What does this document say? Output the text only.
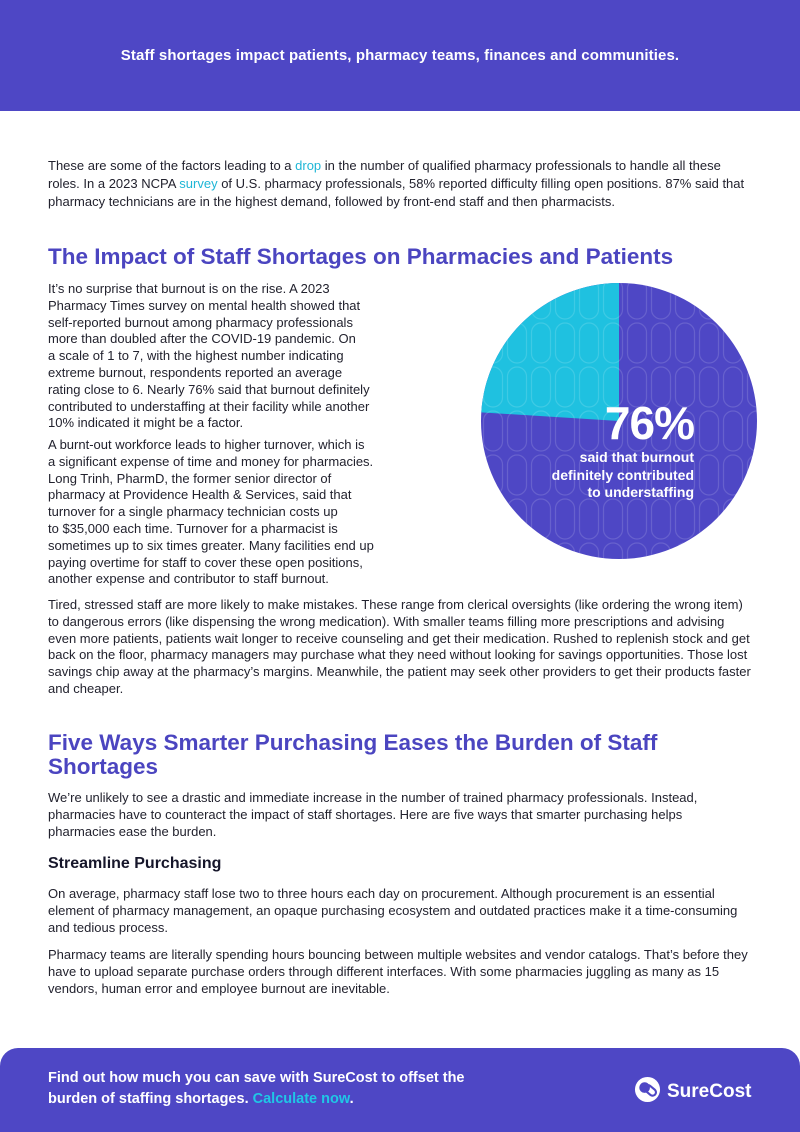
Staff shortages impact patients, pharmacy teams, finances and communities.

These are some of the factors leading to a drop in the number of qualified pharmacy professionals to handle all these roles. In a 2023 NCPA survey of U.S. pharmacy professionals, 58% reported difficulty filling open positions. 87% said that pharmacy technicians are in the highest demand, followed by front-end staff and then pharmacists.

The Impact of Staff Shortages on Pharmacies and Patients
It’s no surprise that burnout is on the rise. A 2023
Pharmacy Times survey on mental health showed that
self-reported burnout among pharmacy professionals
more than doubled after the COVID-19 pandemic. On
a scale of 1 to 7, with the highest number indicating
extreme burnout, respondents reported an average
rating close to 6. Nearly 76% said that burnout definitely
contributed to understaffing at their facility while another
10% indicated it might be a factor.
A burnt-out workforce leads to higher turnover, which is
a significant expense of time and money for pharmacies.
Long Trinh, PharmD, the former senior director of
pharmacy at Providence Health & Services, said that
turnover for a single pharmacy technician costs up
to $35,000 each time. Turnover for a pharmacist is
sometimes up to six times greater. Many facilities end up
paying overtime for staff to cover these open positions,
another expense and contributor to staff burnout.
76%
said that burnout
definitely contributed
to understaffing

Tired, stressed staff are more likely to make mistakes. These range from clerical oversights (like ordering the wrong item) to dangerous errors (like dispensing the wrong medication). With smaller teams filling more prescriptions and advising even more patients, patients wait longer to receive counseling and get their medication. Rushed to replenish stock and get back on the floor, pharmacy managers may purchase what they need without looking for savings opportunities. Those lost savings chip away at the pharmacy’s margins. Meanwhile, the patient may seek other providers to get their products faster and cheaper.

Five Ways Smarter Purchasing Eases the Burden of Staff
Shortages

We’re unlikely to see a drastic and immediate increase in the number of trained pharmacy professionals. Instead, pharmacies have to counteract the impact of staff shortages. Here are five ways that smarter purchasing helps pharmacies ease the burden.

Streamline Purchasing

On average, pharmacy staff lose two to three hours each day on procurement. Although procurement is an essential element of pharmacy management, an opaque purchasing ecosystem and outdated practices make it a time-consuming and tedious process.

Pharmacy teams are literally spending hours bouncing between multiple websites and vendor catalogs. That’s before they have to upload separate purchase orders through different interfaces. With some pharmacies juggling as many as 15 vendors, human error and employee burnout are inevitable.

Find out how much you can save with SureCost to offset the
burden of staffing shortages. Calculate now.	SureCost
